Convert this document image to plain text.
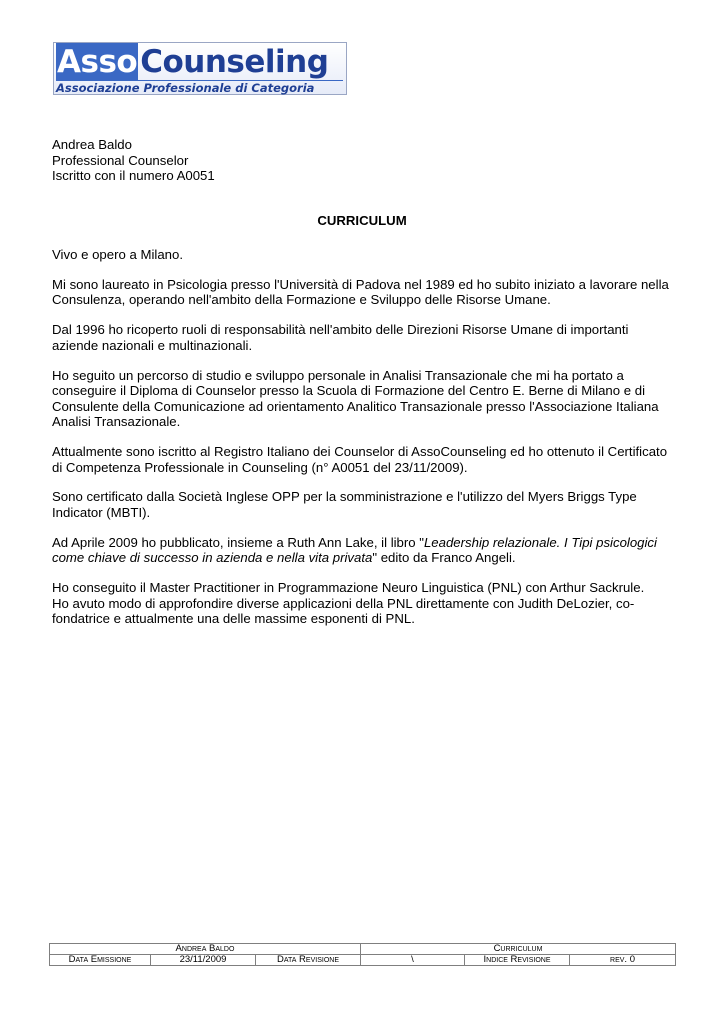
AssoCounseling
Associazione Professionale di Categoria
Andrea Baldo
Professional Counselor
Iscritto con il numero A0051
CURRICULUM

Vivo e opero a Milano.

Mi sono laureato in Psicologia presso l'Università di Padova nel 1989 ed ho subito iniziato a lavorare nella Consulenza, operando nell'ambito della Formazione e Sviluppo delle Risorse Umane.

Dal 1996 ho ricoperto ruoli di responsabilità nell'ambito delle Direzioni Risorse Umane di importanti aziende nazionali e multinazionali.

Ho seguito un percorso di studio e sviluppo personale in Analisi Transazionale che mi ha portato a conseguire il Diploma di Counselor presso la Scuola di Formazione del Centro E. Berne di Milano e di Consulente della Comunicazione ad orientamento Analitico Transazionale presso l'Associazione Italiana Analisi Transazionale.

Attualmente sono iscritto al Registro Italiano dei Counselor di AssoCounseling ed ho ottenuto il Certificato di Competenza Professionale in Counseling (n° A0051 del 23/11/2009).

Sono certificato dalla Società Inglese OPP per la somministrazione e l'utilizzo del Myers Briggs Type Indicator (MBTI).

Ad Aprile 2009 ho pubblicato, insieme a Ruth Ann Lake, il libro "Leadership relazionale. I Tipi psicologici come chiave di successo in azienda e nella vita privata" edito da Franco Angeli.

Ho conseguito il Master Practitioner in Programmazione Neuro Linguistica (PNL) con Arthur Sackrule.
Ho avuto modo di approfondire diverse applicazioni della PNL direttamente con Judith DeLozier, co-fondatrice e attualmente una delle massime esponenti di PNL.

Andrea Baldo			Curriculum		
Data Emissione	23/11/2009	Data Revisione	\	Indice Revisione	rev. 0
